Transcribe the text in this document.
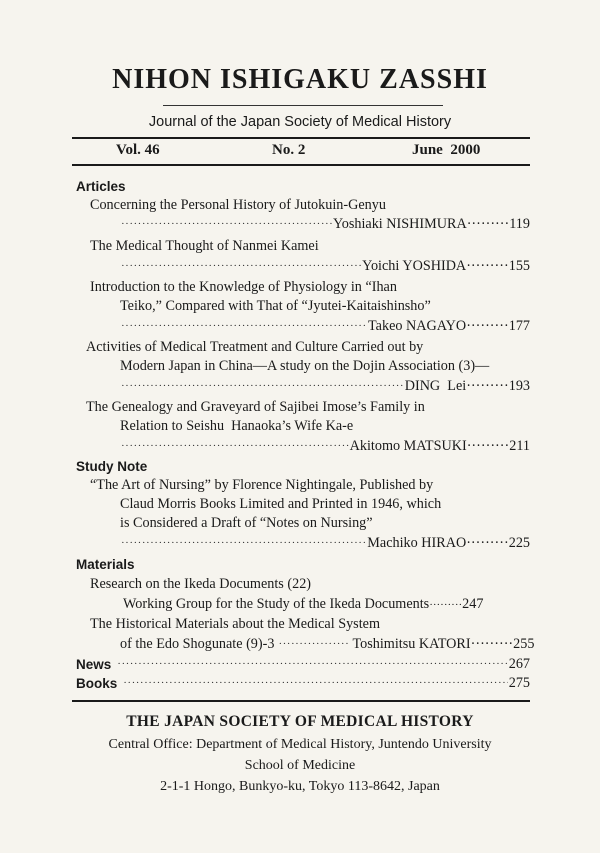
NIHON ISHIGAKU ZASSHI
Journal of the Japan Society of Medical History
Vol. 46	No. 2	June  2000
Articles
Concerning the Personal History of Jutokuin-Genyu
·····
Yoshiaki NISHIMURA·········119
The Medical Thought of Nanmei Kamei
·····
Yoichi YOSHIDA·········155
Introduction to the Knowledge of Physiology in “Ihan
Teiko,” Compared with That of “Jyutei-Kaitaishinsho”
·····
Takeo NAGAYO·········177
Activities of Medical Treatment and Culture Carried out by
Modern Japan in China—A study on the Dojin Association (3)—
·····
DING  Lei·········193
The Genealogy and Graveyard of Sajibei Imose’s Family in
Relation to Seishu  Hanaoka’s Wife Ka-e
·····
Akitomo MATSUKI·········211
Study Note
“The Art of Nursing” by Florence Nightingale, Published by
Claud Morris Books Limited and Printed in 1946, which
is Considered a Draft of “Notes on Nursing”
·····
Machiko HIRAO·········225
Materials
Research on the Ikeda Documents (22)
Working Group for the Study of the Ikeda Documents·········247
The Historical Materials about the Medical System
of the Edo Shogunate (9)-3 ·····	Toshimitsu KATORI·········255
News ·····	267
Books ·····	275
THE JAPAN SOCIETY OF MEDICAL HISTORY
Central Office: Department of Medical History, Juntendo University
School of Medicine
2-1-1 Hongo, Bunkyo-ku, Tokyo 113-8642, Japan
